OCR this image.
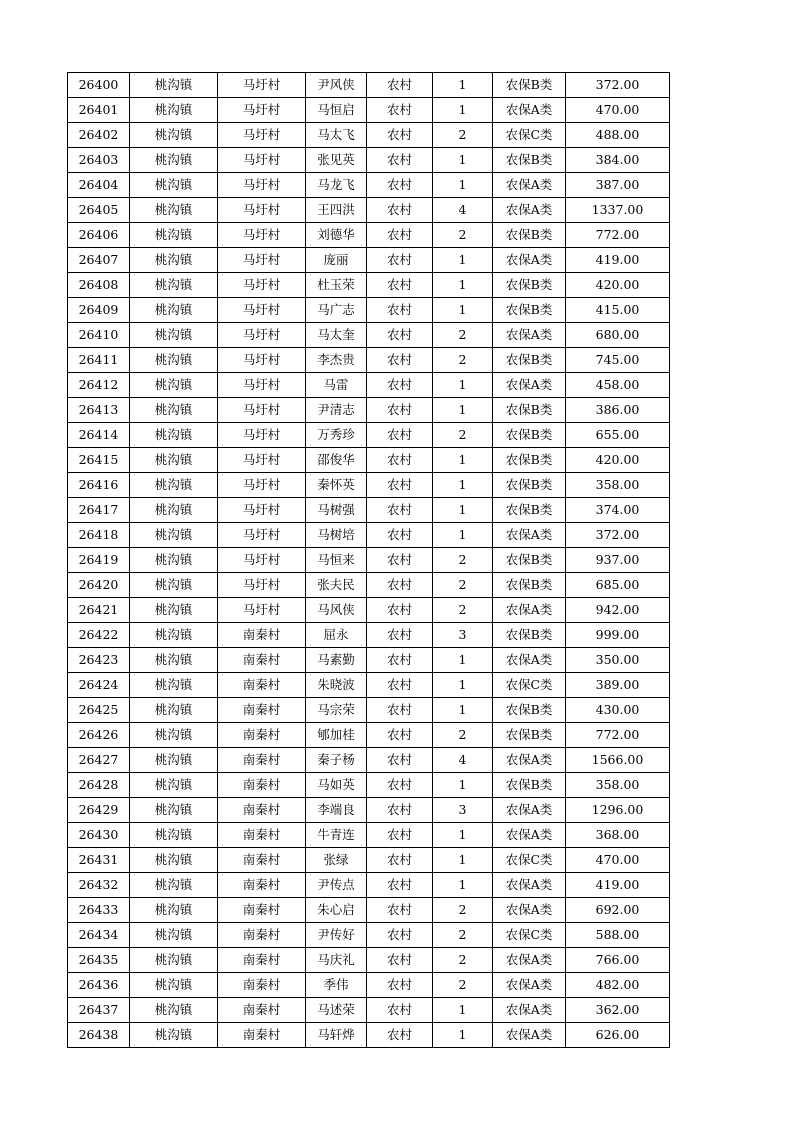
26400	桃沟镇	马圩村	尹风侠	农村	1	农保B类	372.00
26401	桃沟镇	马圩村	马恒启	农村	1	农保A类	470.00
26402	桃沟镇	马圩村	马太飞	农村	2	农保C类	488.00
26403	桃沟镇	马圩村	张见英	农村	1	农保B类	384.00
26404	桃沟镇	马圩村	马龙飞	农村	1	农保A类	387.00
26405	桃沟镇	马圩村	王四洪	农村	4	农保A类	1337.00
26406	桃沟镇	马圩村	刘德华	农村	2	农保B类	772.00
26407	桃沟镇	马圩村	庞丽	农村	1	农保A类	419.00
26408	桃沟镇	马圩村	杜玉荣	农村	1	农保B类	420.00
26409	桃沟镇	马圩村	马广志	农村	1	农保B类	415.00
26410	桃沟镇	马圩村	马太奎	农村	2	农保A类	680.00
26411	桃沟镇	马圩村	李杰贵	农村	2	农保B类	745.00
26412	桃沟镇	马圩村	马雷	农村	1	农保A类	458.00
26413	桃沟镇	马圩村	尹清志	农村	1	农保B类	386.00
26414	桃沟镇	马圩村	万秀珍	农村	2	农保B类	655.00
26415	桃沟镇	马圩村	邵俊华	农村	1	农保B类	420.00
26416	桃沟镇	马圩村	秦怀英	农村	1	农保B类	358.00
26417	桃沟镇	马圩村	马树强	农村	1	农保B类	374.00
26418	桃沟镇	马圩村	马树培	农村	1	农保A类	372.00
26419	桃沟镇	马圩村	马恒来	农村	2	农保B类	937.00
26420	桃沟镇	马圩村	张夫民	农村	2	农保B类	685.00
26421	桃沟镇	马圩村	马风侠	农村	2	农保A类	942.00
26422	桃沟镇	南秦村	屈永	农村	3	农保B类	999.00
26423	桃沟镇	南秦村	马素勤	农村	1	农保A类	350.00
26424	桃沟镇	南秦村	朱晓波	农村	1	农保C类	389.00
26425	桃沟镇	南秦村	马宗荣	农村	1	农保B类	430.00
26426	桃沟镇	南秦村	郇加桂	农村	2	农保B类	772.00
26427	桃沟镇	南秦村	秦子杨	农村	4	农保A类	1566.00
26428	桃沟镇	南秦村	马如英	农村	1	农保B类	358.00
26429	桃沟镇	南秦村	李端良	农村	3	农保A类	1296.00
26430	桃沟镇	南秦村	牛青连	农村	1	农保A类	368.00
26431	桃沟镇	南秦村	张绿	农村	1	农保C类	470.00
26432	桃沟镇	南秦村	尹传点	农村	1	农保A类	419.00
26433	桃沟镇	南秦村	朱心启	农村	2	农保A类	692.00
26434	桃沟镇	南秦村	尹传好	农村	2	农保C类	588.00
26435	桃沟镇	南秦村	马庆礼	农村	2	农保A类	766.00
26436	桃沟镇	南秦村	季伟	农村	2	农保A类	482.00
26437	桃沟镇	南秦村	马述荣	农村	1	农保A类	362.00
26438	桃沟镇	南秦村	马轩烨	农村	1	农保A类	626.00
